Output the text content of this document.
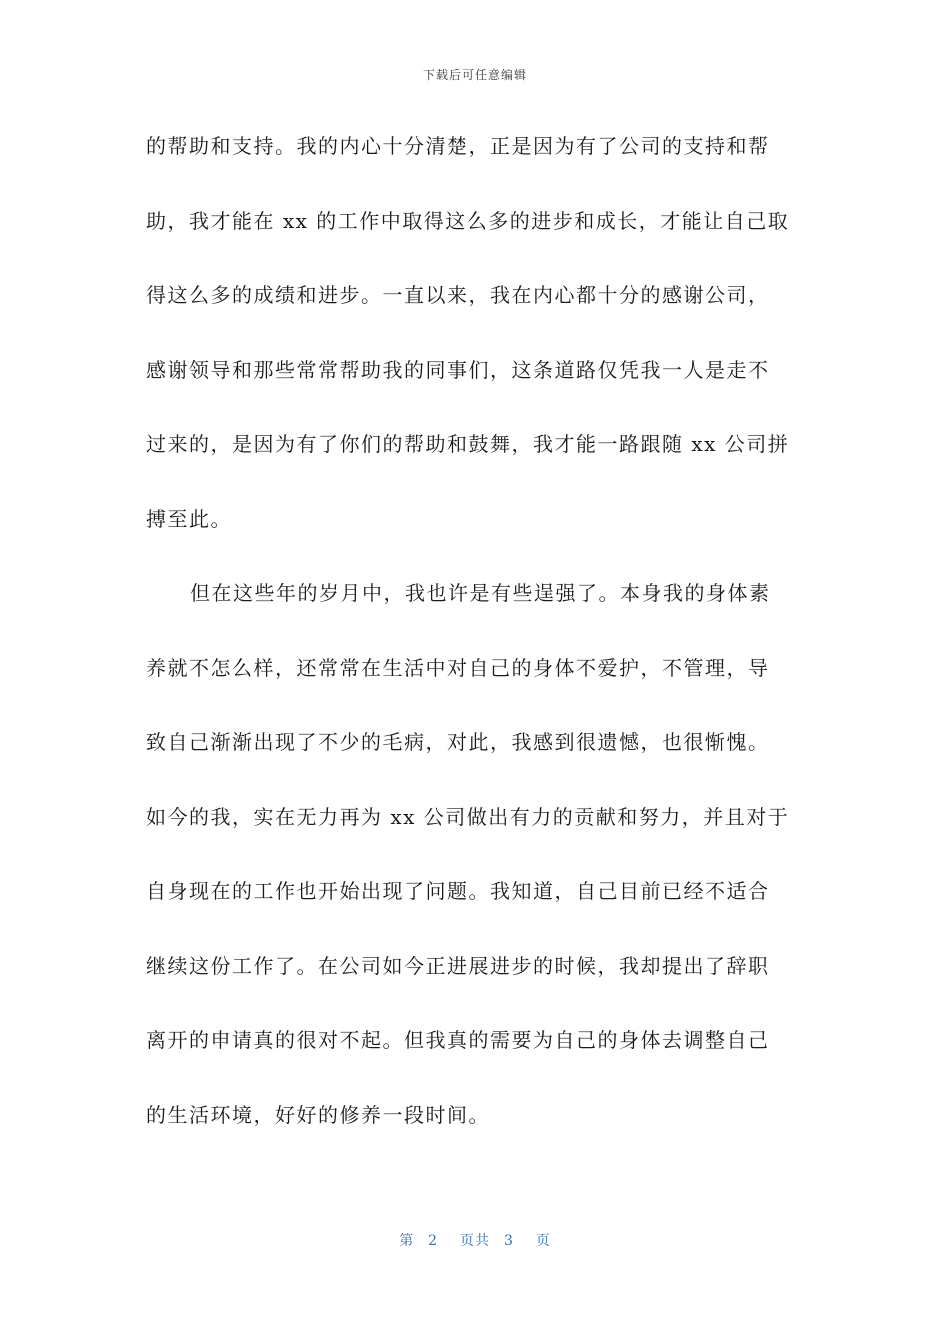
下载后可任意编辑
的帮助和支持。我的内心十分清楚，正是因为有了公司的支持和帮
助，我才能在 xx 的工作中取得这么多的进步和成长，才能让自己取
得这么多的成绩和进步。一直以来，我在内心都十分的感谢公司，
感谢领导和那些常常帮助我的同事们，这条道路仅凭我一人是走不
过来的，是因为有了你们的帮助和鼓舞，我才能一路跟随 xx 公司拼
搏至此。
但在这些年的岁月中，我也许是有些逞强了。本身我的身体素
养就不怎么样，还常常在生活中对自己的身体不爱护，不管理，导
致自己渐渐出现了不少的毛病，对此，我感到很遗憾，也很惭愧。
如今的我，实在无力再为 xx 公司做出有力的贡献和努力，并且对于
自身现在的工作也开始出现了问题。我知道，自己目前已经不适合
继续这份工作了。在公司如今正进展进步的时候，我却提出了辞职
离开的申请真的很对不起。但我真的需要为自己的身体去调整自己
的生活环境，好好的修养一段时间。
第 2 页共 3 页
